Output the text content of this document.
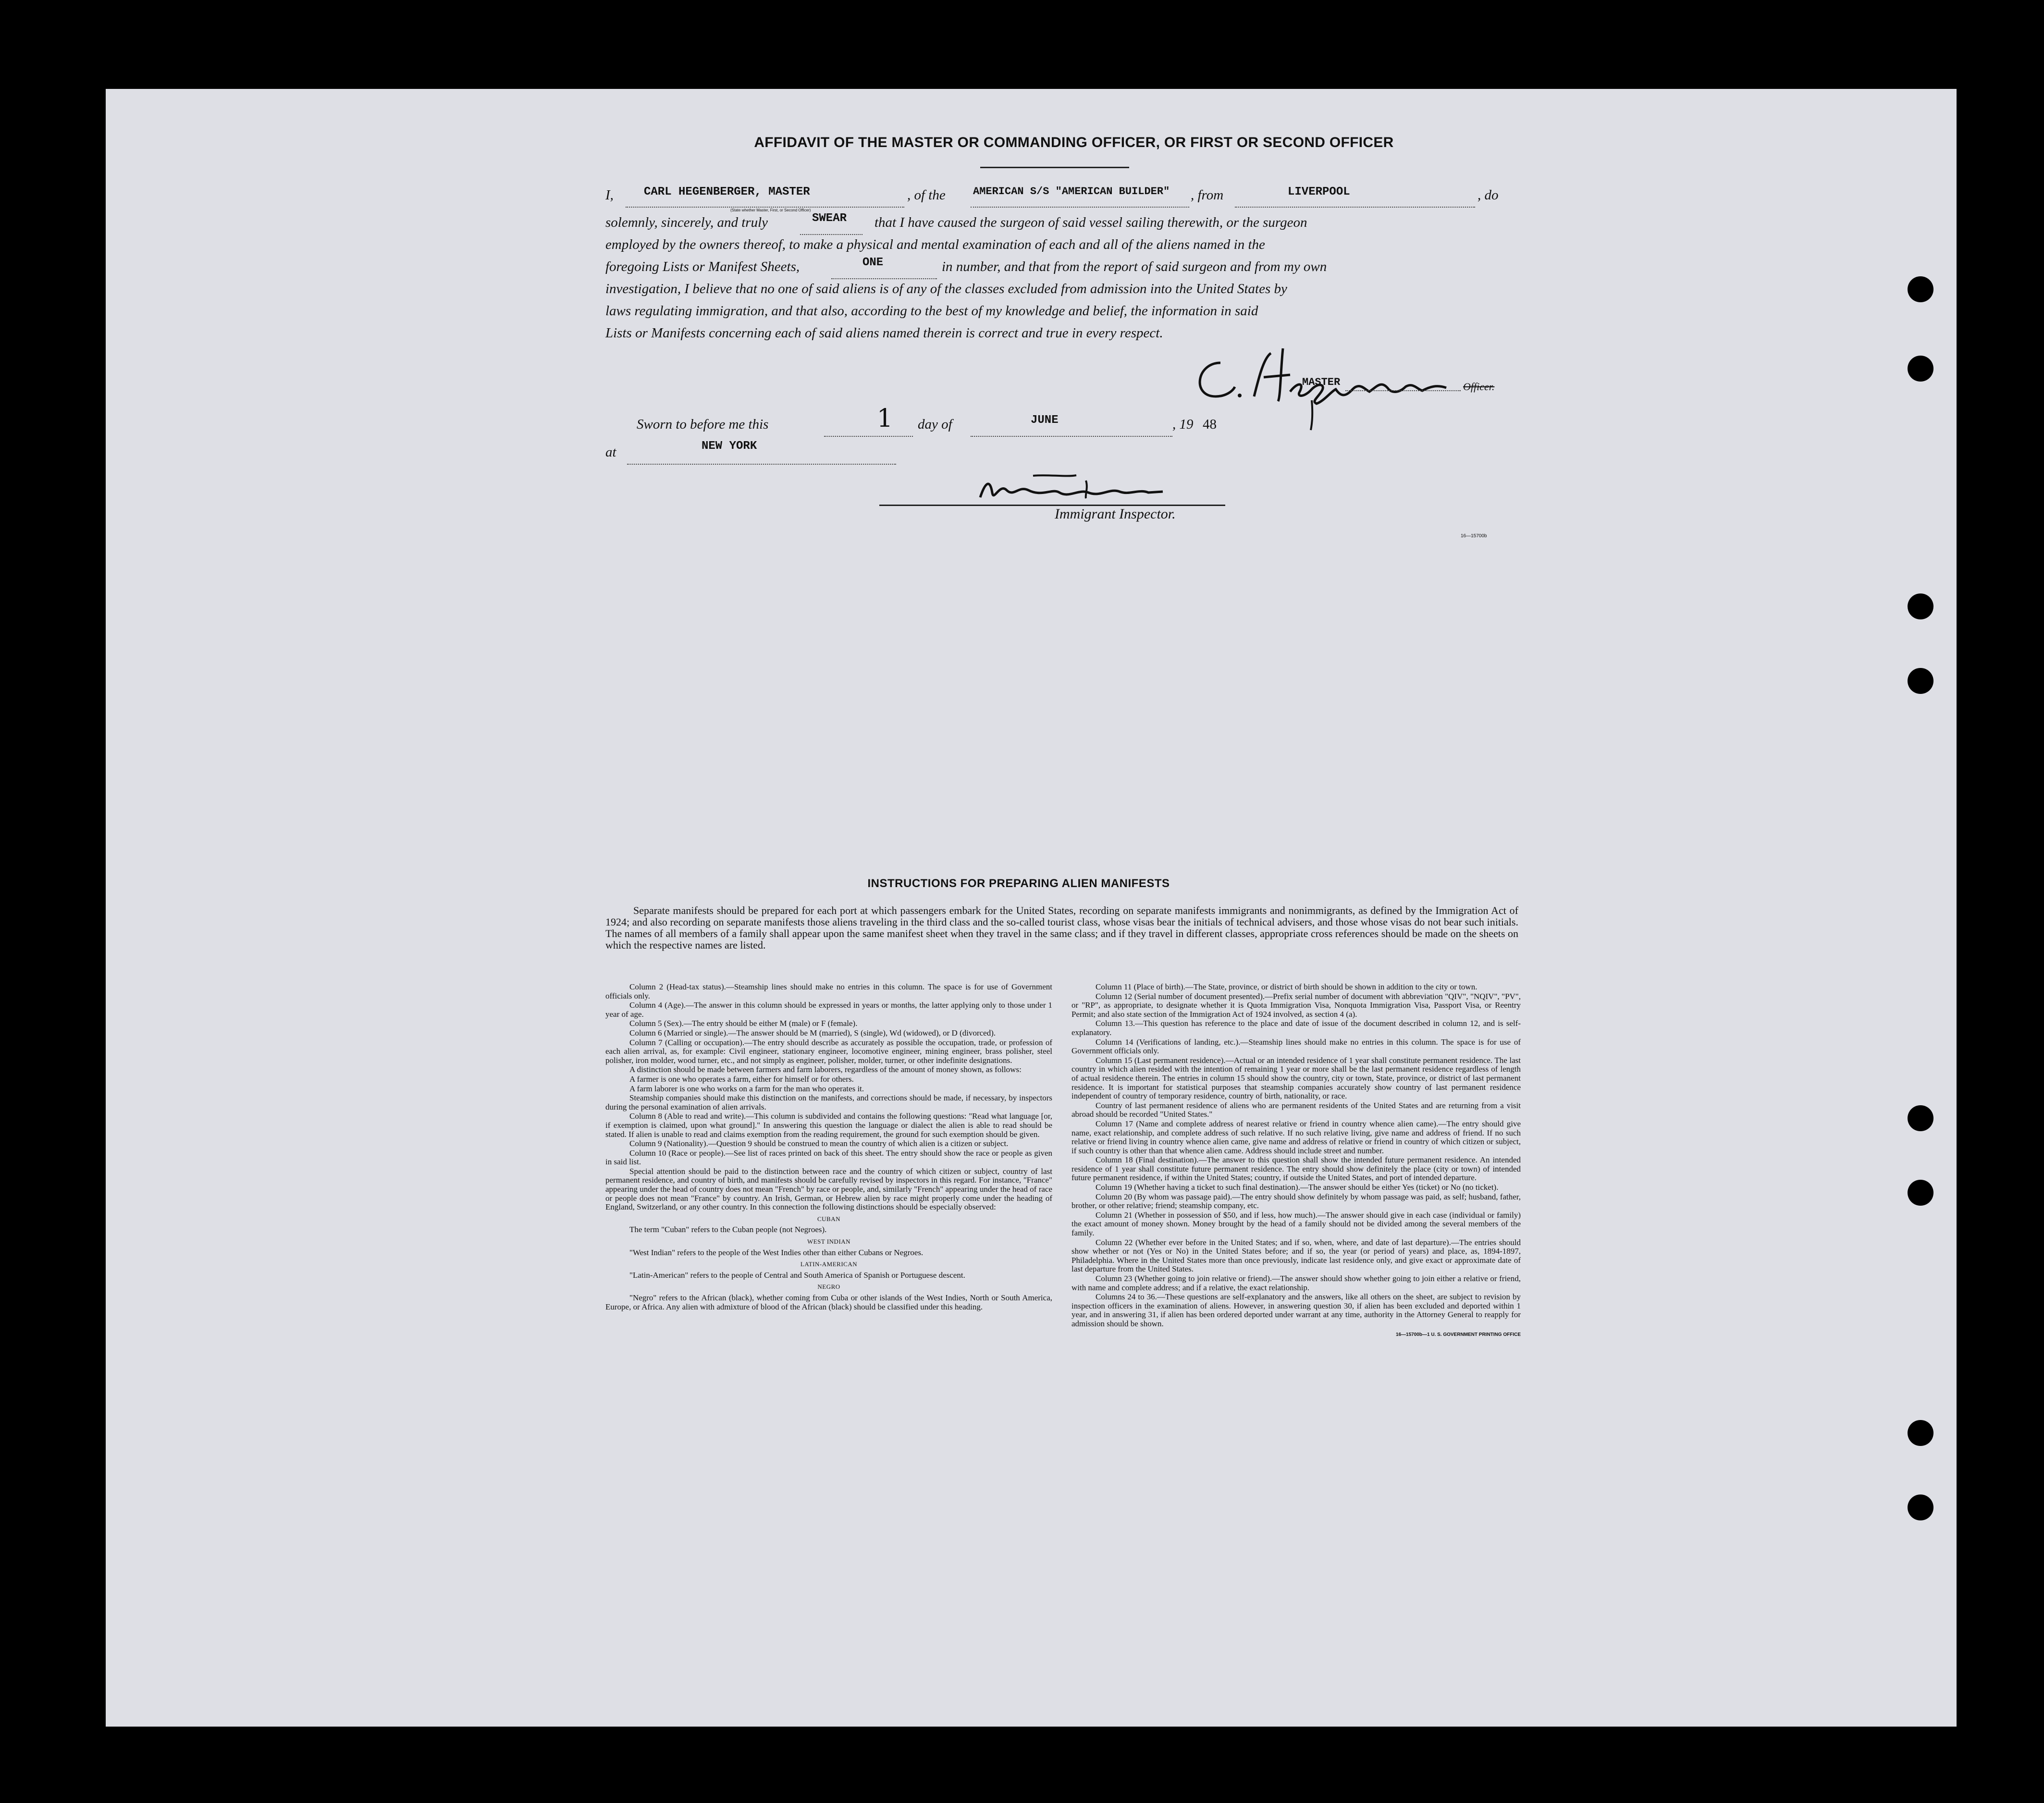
AFFIDAVIT OF THE MASTER OR COMMANDING OFFICER, OR FIRST OR SECOND OFFICER
I,	CARL HEGENBERGER, MASTER	, of the	AMERICAN S/S "AMERICAN BUILDER" , from	LIVERPOOL	, do
(State whether Master, First, or Second Officer)
solemnly, sincerely, and truly	SWEAR that I have caused the surgeon of said vessel sailing therewith, or the surgeon
employed by the owners thereof, to make a physical and mental examination of each and all of the aliens named in the
foregoing Lists or Manifest Sheets,	ONE	in number, and that from the report of said surgeon and from my own
investigation, I believe that no one of said aliens is of any of the classes excluded from admission into the United States by
laws regulating immigration, and that also, according to the best of my knowledge and belief, the information in said
Lists or Manifests concerning each of said aliens named therein is correct and true in every respect.
MASTER	Officer.
Sworn to before me this	1 day of	JUNE	, 19 48
at	NEW YORK
Immigrant Inspector.
16—15700b
INSTRUCTIONS FOR PREPARING ALIEN MANIFESTS

Separate manifests should be prepared for each port at which passengers embark for the United States, recording on separate manifests immigrants and nonimmigrants, as defined by the Immigration Act of 1924; and also recording on separate manifests those aliens traveling in the third class and the so-called tourist class, whose visas bear the initials of technical advisers, and those whose visas do not bear such initials. The names of all members of a family shall appear upon the same manifest sheet when they travel in the same class; and if they travel in different classes, appropriate cross references should be made on the sheets on which the respective names are listed.

Column 2 (Head-tax status).—Steamship lines should make no entries in this column. The space is for use of Government officials only.

Column 4 (Age).—The answer in this column should be expressed in years or months, the latter applying only to those under 1 year of age.

Column 5 (Sex).—The entry should be either M (male) or F (female).

Column 6 (Married or single).—The answer should be M (married), S (single), Wd (widowed), or D (divorced).

Column 7 (Calling or occupation).—The entry should describe as accurately as possible the occupation, trade, or profession of each alien arrival, as, for example: Civil engineer, stationary engineer, locomotive engineer, mining engineer, brass polisher, steel polisher, iron molder, wood turner, etc., and not simply as engineer, polisher, molder, turner, or other indefinite designations.

A distinction should be made between farmers and farm laborers, regardless of the amount of money shown, as follows:

A farmer is one who operates a farm, either for himself or for others.

A farm laborer is one who works on a farm for the man who operates it.

Steamship companies should make this distinction on the manifests, and corrections should be made, if necessary, by inspectors during the personal examination of alien arrivals.

Column 8 (Able to read and write).—This column is subdivided and contains the following questions: "Read what language [or, if exemption is claimed, upon what ground]." In answering this question the language or dialect the alien is able to read should be stated. If alien is unable to read and claims exemption from the reading requirement, the ground for such exemption should be given.

Column 9 (Nationality).—Question 9 should be construed to mean the country of which alien is a citizen or subject.

Column 10 (Race or people).—See list of races printed on back of this sheet. The entry should show the race or people as given in said list.

Special attention should be paid to the distinction between race and the country of which citizen or subject, country of last permanent residence, and country of birth, and manifests should be carefully revised by inspectors in this regard. For instance, "France" appearing under the head of country does not mean "French" by race or people, and, similarly "French" appearing under the head of race or people does not mean "France" by country. An Irish, German, or Hebrew alien by race might properly come under the heading of England, Switzerland, or any other country. In this connection the following distinctions should be especially observed:

CUBAN

The term "Cuban" refers to the Cuban people (not Negroes).

WEST INDIAN

"West Indian" refers to the people of the West Indies other than either Cubans or Negroes.

LATIN-AMERICAN

"Latin-American" refers to the people of Central and South America of Spanish or Portuguese descent.

NEGRO

"Negro" refers to the African (black), whether coming from Cuba or other islands of the West Indies, North or South America, Europe, or Africa. Any alien with admixture of blood of the African (black) should be classified under this heading.

Column 11 (Place of birth).—The State, province, or district of birth should be shown in addition to the city or town.

Column 12 (Serial number of document presented).—Prefix serial number of document with abbreviation "QIV", "NQIV", "PV", or "RP", as appropriate, to designate whether it is Quota Immigration Visa, Nonquota Immigration Visa, Passport Visa, or Reentry Permit; and also state section of the Immigration Act of 1924 involved, as section 4 (a).

Column 13.—This question has reference to the place and date of issue of the document described in column 12, and is self-explanatory.

Column 14 (Verifications of landing, etc.).—Steamship lines should make no entries in this column. The space is for use of Government officials only.

Column 15 (Last permanent residence).—Actual or an intended residence of 1 year shall constitute permanent residence. The last country in which alien resided with the intention of remaining 1 year or more shall be the last permanent residence regardless of length of actual residence therein. The entries in column 15 should show the country, city or town, State, province, or district of last permanent residence. It is important for statistical purposes that steamship companies accurately show country of last permanent residence independent of country of temporary residence, country of birth, nationality, or race.

Country of last permanent residence of aliens who are permanent residents of the United States and are returning from a visit abroad should be recorded "United States."

Column 17 (Name and complete address of nearest relative or friend in country whence alien came).—The entry should give name, exact relationship, and complete address of such relative. If no such relative living, give name and address of friend. If no such relative or friend living in country whence alien came, give name and address of relative or friend in country of which citizen or subject, if such country is other than that whence alien came. Address should include street and number.

Column 18 (Final destination).—The answer to this question shall show the intended future permanent residence. An intended residence of 1 year shall constitute future permanent residence. The entry should show definitely the place (city or town) of intended future permanent residence, if within the United States; country, if outside the United States, and port of intended departure.

Column 19 (Whether having a ticket to such final destination).—The answer should be either Yes (ticket) or No (no ticket).

Column 20 (By whom was passage paid).—The entry should show definitely by whom passage was paid, as self; husband, father, brother, or other relative; friend; steamship company, etc.

Column 21 (Whether in possession of $50, and if less, how much).—The answer should give in each case (individual or family) the exact amount of money shown. Money brought by the head of a family should not be divided among the several members of the family.

Column 22 (Whether ever before in the United States; and if so, when, where, and date of last departure).—The entries should show whether or not (Yes or No) in the United States before; and if so, the year (or period of years) and place, as, 1894-1897, Philadelphia. Where in the United States more than once previously, indicate last residence only, and give exact or approximate date of last departure from the United States.

Column 23 (Whether going to join relative or friend).—The answer should show whether going to join either a relative or friend, with name and complete address; and if a relative, the exact relationship.

Columns 24 to 36.—These questions are self-explanatory and the answers, like all others on the sheet, are subject to revision by inspection officers in the examination of aliens. However, in answering question 30, if alien has been excluded and deported within 1 year, and in answering 31, if alien has been ordered deported under warrant at any time, authority in the Attorney General to reapply for admission should be shown.

16—15700b—1 U. S. GOVERNMENT PRINTING OFFICE
